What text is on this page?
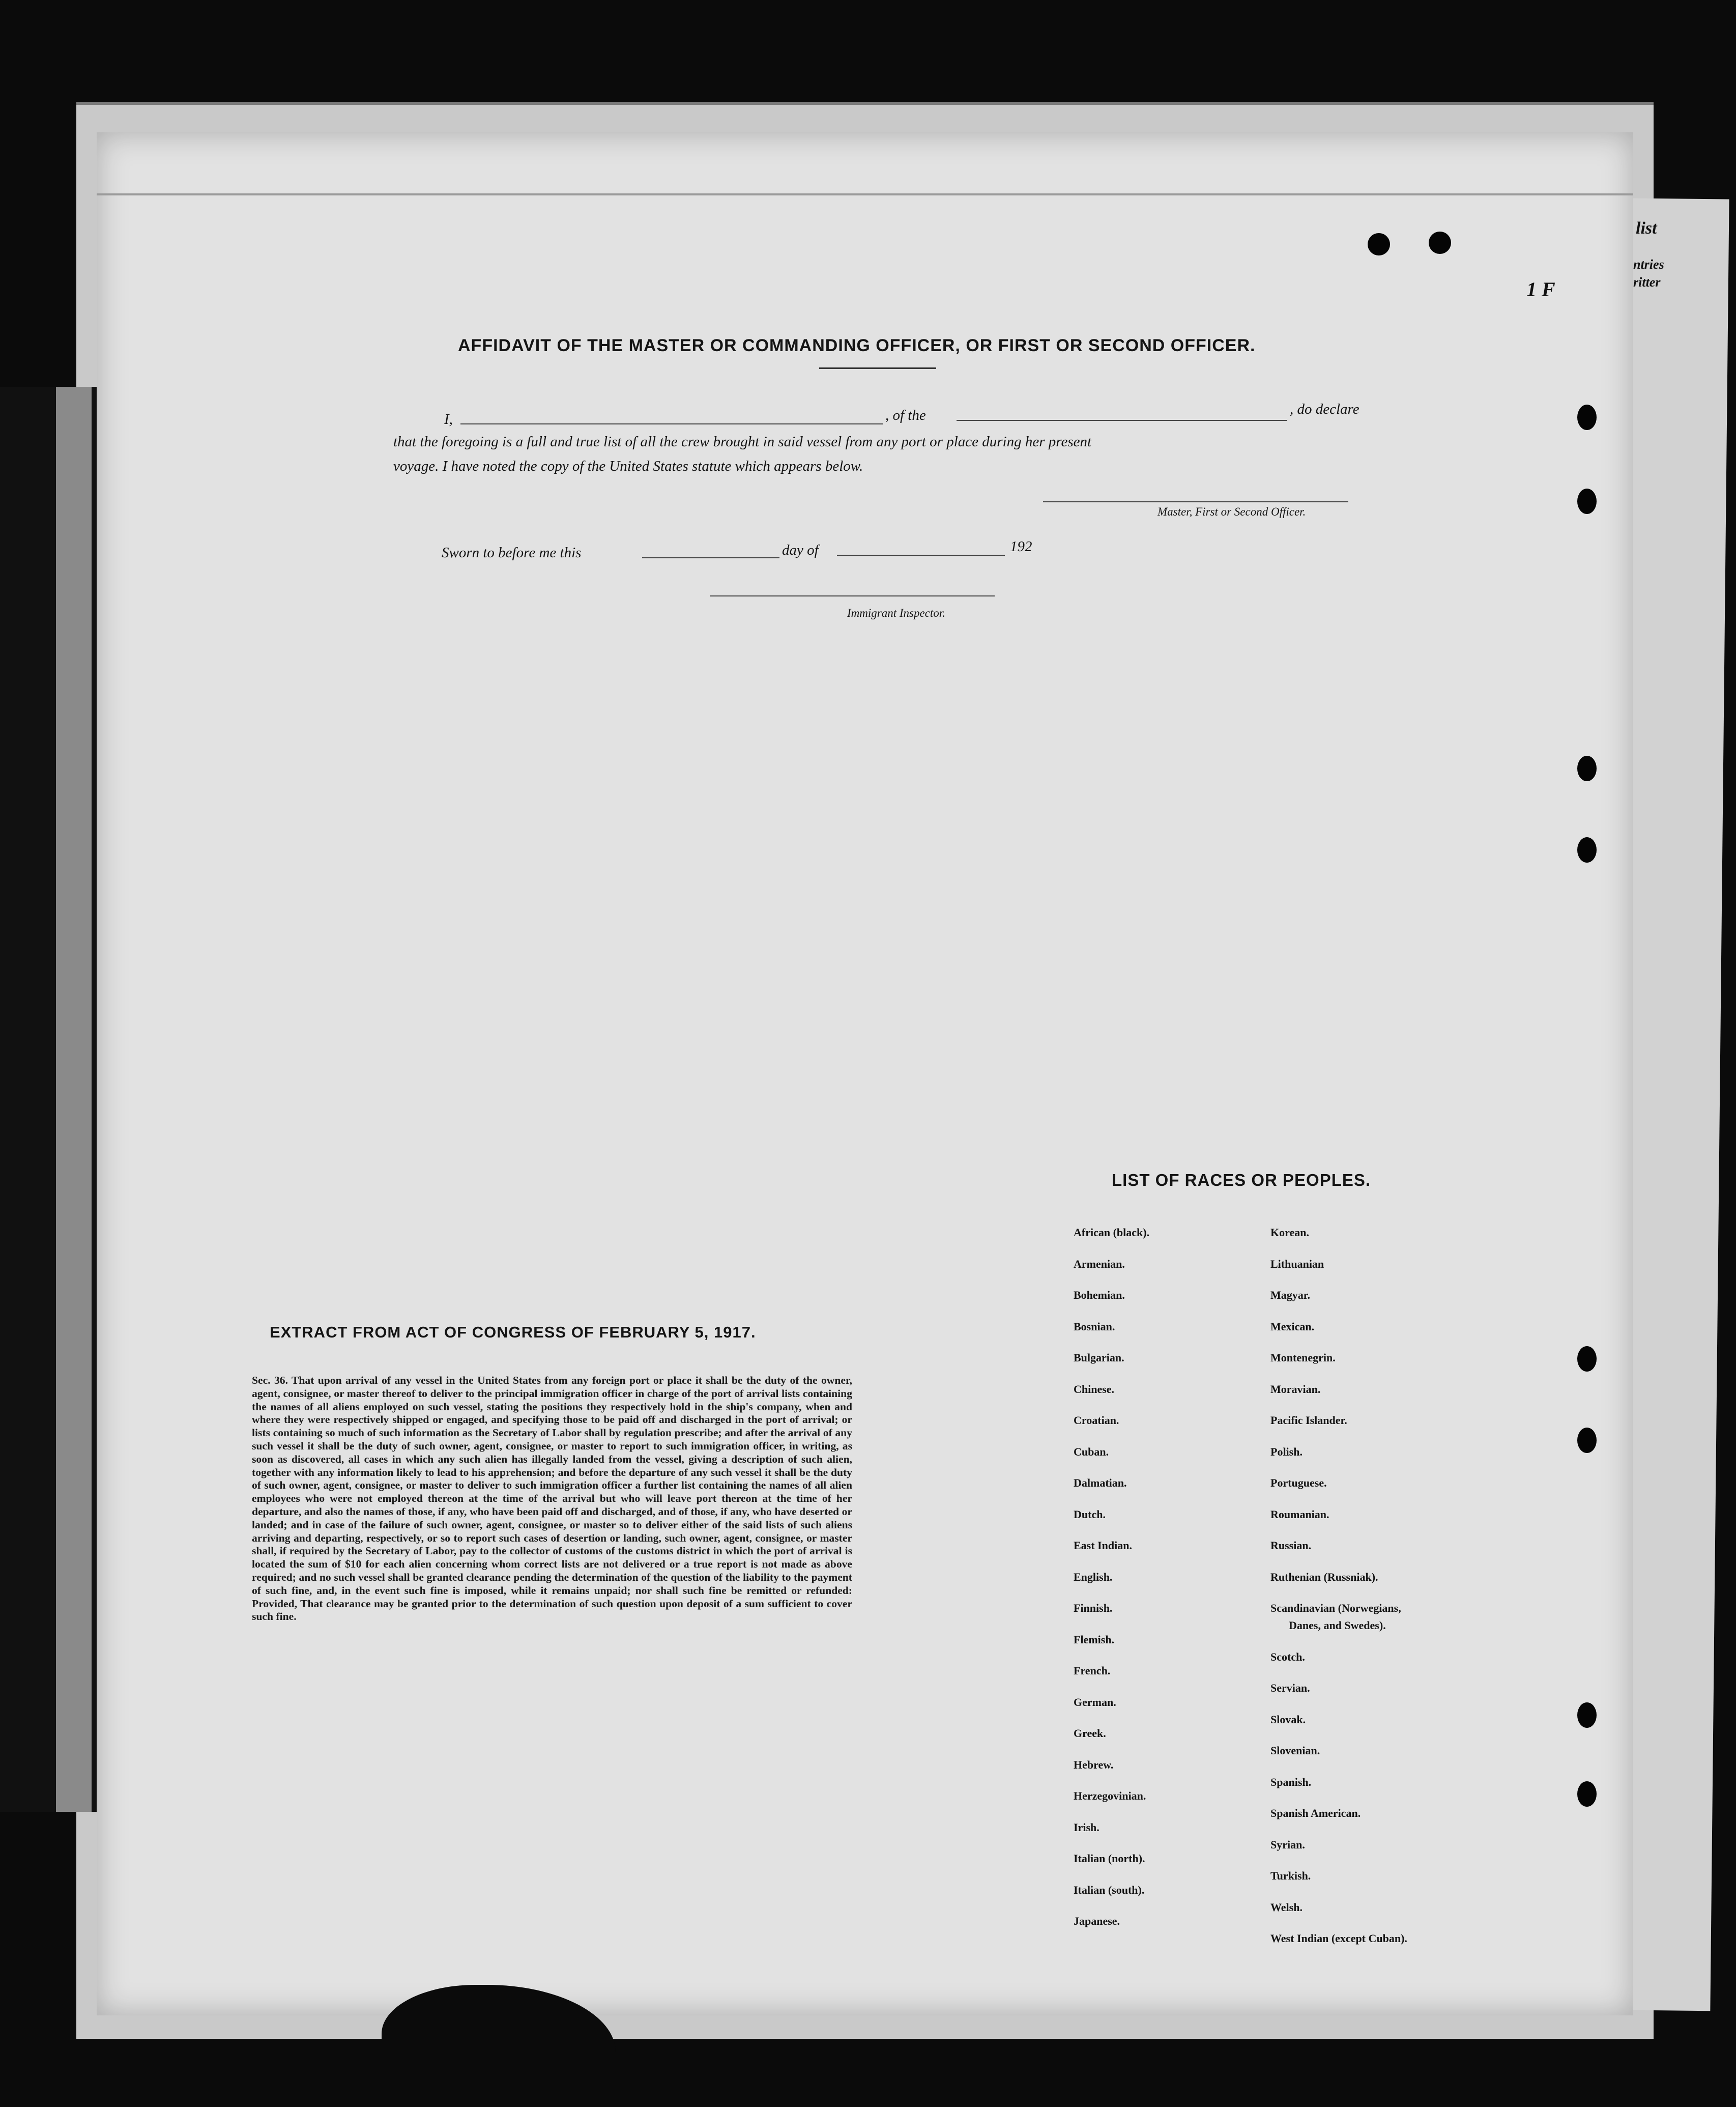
list
ntries
ritter
1 F
AFFIDAVIT OF THE MASTER OR COMMANDING OFFICER, OR FIRST OR SECOND OFFICER.
I,	, of the	, do declare
that the foregoing is a full and true list of all the crew brought in said vessel from any port or place during her present
voyage. I have noted the copy of the United States statute which appears below.
Master, First or Second Officer.
Sworn to before me this	day of	192
Immigrant Inspector.
LIST OF RACES OR PEOPLES.
African (black).
Armenian.
Bohemian.
Bosnian.
Bulgarian.
Chinese.
Croatian.
Cuban.
Dalmatian.
Dutch.
East Indian.
English.
Finnish.
Flemish.
French.
German.
Greek.
Hebrew.
Herzegovinian.
Irish.
Italian (north).
Italian (south).
Japanese.
Korean.
Lithuanian
Magyar.
Mexican.
Montenegrin.
Moravian.
Pacific Islander.
Polish.
Portuguese.
Roumanian.
Russian.
Ruthenian (Russniak).
Scandinavian (Norwegians,
Danes, and Swedes).
Scotch.
Servian.
Slovak.
Slovenian.
Spanish.
Spanish American.
Syrian.
Turkish.
Welsh.
West Indian (except Cuban).
EXTRACT FROM ACT OF CONGRESS OF FEBRUARY 5, 1917.
Sec. 36. That upon arrival of any vessel in the United States from any foreign port or place it shall be the duty of the owner, agent, consignee, or master thereof to deliver to the principal immigration officer in charge of the port of arrival lists containing the names of all aliens employed on such vessel, stating the positions they respectively hold in the ship's company, when and where they were respectively shipped or engaged, and specifying those to be paid off and discharged in the port of arrival; or lists containing so much of such information as the Secretary of Labor shall by regulation prescribe; and after the arrival of any such vessel it shall be the duty of such owner, agent, consignee, or master to report to such immigration officer, in writing, as soon as discovered, all cases in which any such alien has illegally landed from the vessel, giving a description of such alien, together with any information likely to lead to his apprehension; and before the departure of any such vessel it shall be the duty of such owner, agent, consignee, or master to deliver to such immigration officer a further list containing the names of all alien employees who were not employed thereon at the time of the arrival but who will leave port thereon at the time of her departure, and also the names of those, if any, who have been paid off and discharged, and of those, if any, who have deserted or landed; and in case of the failure of such owner, agent, consignee, or master so to deliver either of the said lists of such aliens arriving and departing, respectively, or so to report such cases of desertion or landing, such owner, agent, consignee, or master shall, if required by the Secretary of Labor, pay to the collector of customs of the customs district in which the port of arrival is located the sum of $10 for each alien concerning whom correct lists are not delivered or a true report is not made as above required; and no such vessel shall be granted clearance pending the determination of the question of the liability to the payment of such fine, and, in the event such fine is imposed, while it remains unpaid; nor shall such fine be remitted or refunded: Provided, That clearance may be granted prior to the determination of such question upon deposit of a sum sufficient to cover such fine.
